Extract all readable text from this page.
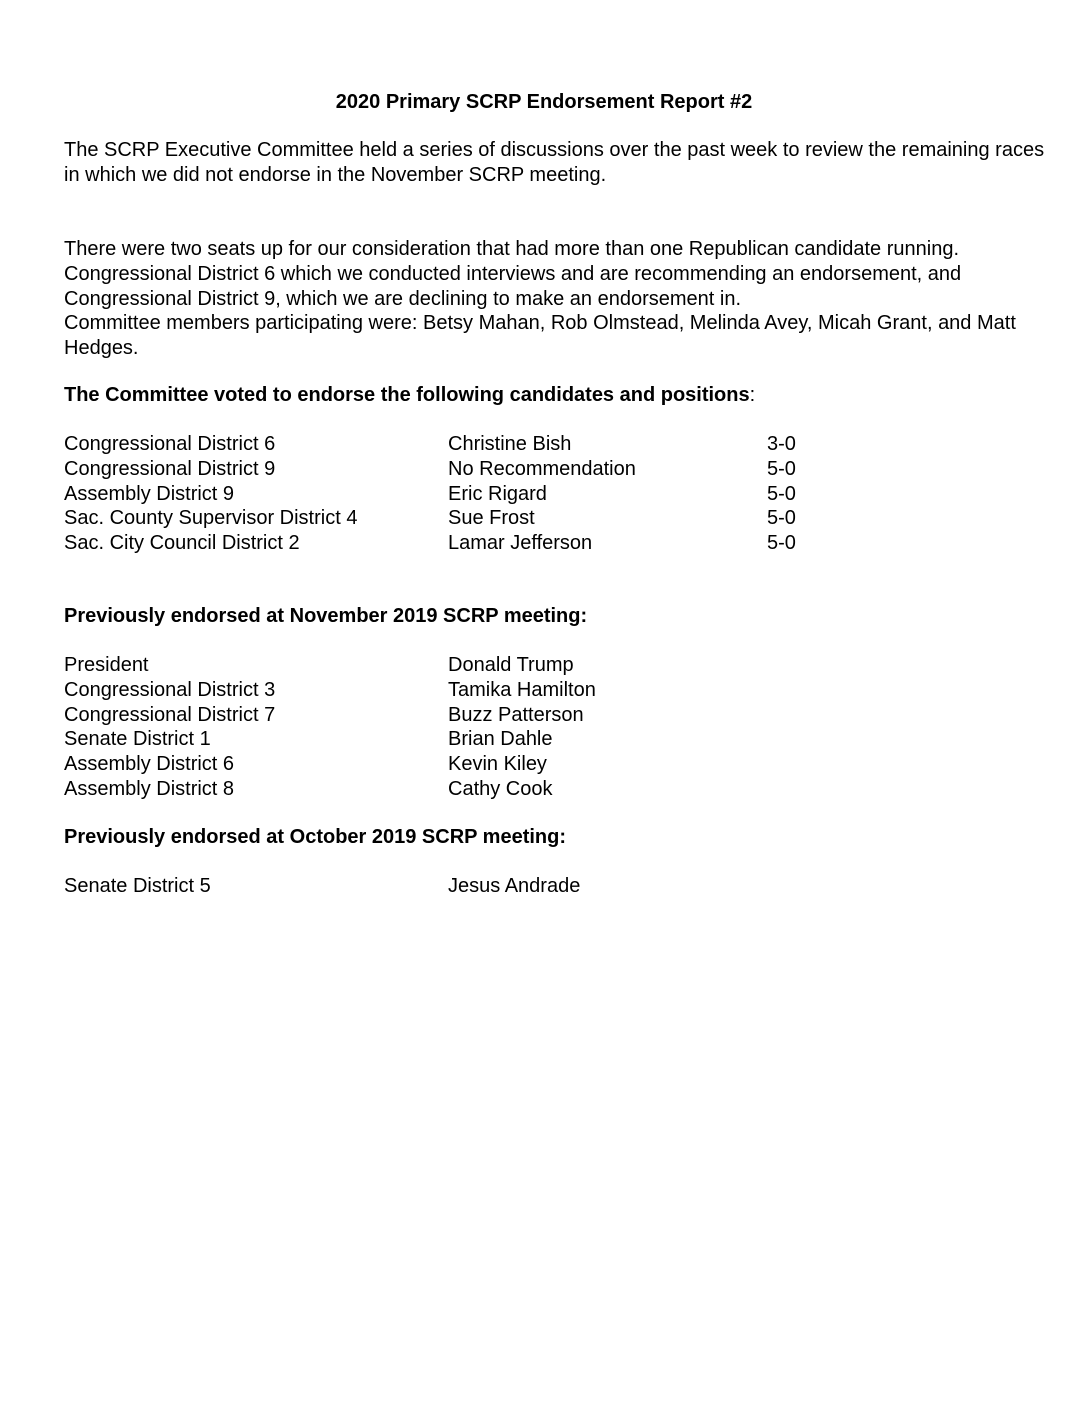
2020 Primary SCRP Endorsement Report #2

The SCRP Executive Committee held a series of discussions over the past week to review the remaining races in which we did not endorse in the November SCRP meeting.

There were two seats up for our consideration that had more than one Republican candidate running. Congressional District 6 which we conducted interviews and are recommending an endorsement, and Congressional District 9, which we are declining to make an endorsement in.

Committee members participating were: Betsy Mahan, Rob Olmstead, Melinda Avey, Micah Grant, and Matt Hedges.

The Committee voted to endorse the following candidates and positions:
Congressional District 6	Christine Bish	3-0
Congressional District 9	No Recommendation	5-0
Assembly District 9	Eric Rigard	5-0
Sac. County Supervisor District 4	Sue Frost	5-0
Sac. City Council District 2	Lamar Jefferson	5-0
Previously endorsed at November 2019 SCRP meeting:
President	Donald Trump
Congressional District 3	Tamika Hamilton
Congressional District 7	Buzz Patterson
Senate District 1	Brian Dahle
Assembly District 6	Kevin Kiley
Assembly District 8	Cathy Cook
Previously endorsed at October 2019 SCRP meeting:
Senate District 5	Jesus Andrade
